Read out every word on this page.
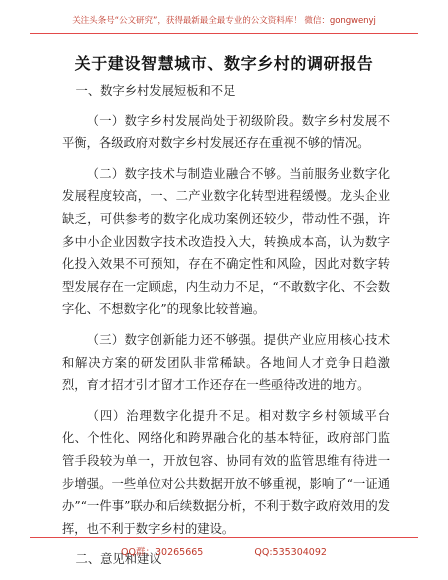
关注头条号“公文研究”，获得最新最全最专业的公文资料库！ 微信：gongwenyj
关于建设智慧城市、数字乡村的调研报告
一、数字乡村发展短板和不足

（一）数字乡村发展尚处于初级阶段。数字乡村发展不平衡，各级政府对数字乡村发展还存在重视不够的情况。

（二）数字技术与制造业融合不够。当前服务业数字化发展程度较高，一、二产业数字化转型进程缓慢。龙头企业缺乏，可供参考的数字化成功案例还较少，带动性不强，许多中小企业因数字技术改造投入大，转换成本高，认为数字化投入效果不可预知，存在不确定性和风险，因此对数字转型发展存在一定顾虑，内生动力不足，“不敢数字化、不会数字化、不想数字化”的现象比较普遍。

（三）数字创新能力还不够强。提供产业应用核心技术和解决方案的研发团队非常稀缺。各地间人才竞争日趋激烈，育才招才引才留才工作还存在一些亟待改进的地方。

（四）治理数字化提升不足。相对数字乡村领域平台化、个性化、网络化和跨界融合化的基本特征，政府部门监管手段较为单一，开放包容、协同有效的监管思维有待进一步增强。一些单位对公共数据开放不够重视，影响了“一证通办”“一件事”联办和后续数据分析，不利于数字政府效用的发挥，也不利于数字乡村的建设。

二、意见和建议
QQ群：30265665	QQ:535304092
